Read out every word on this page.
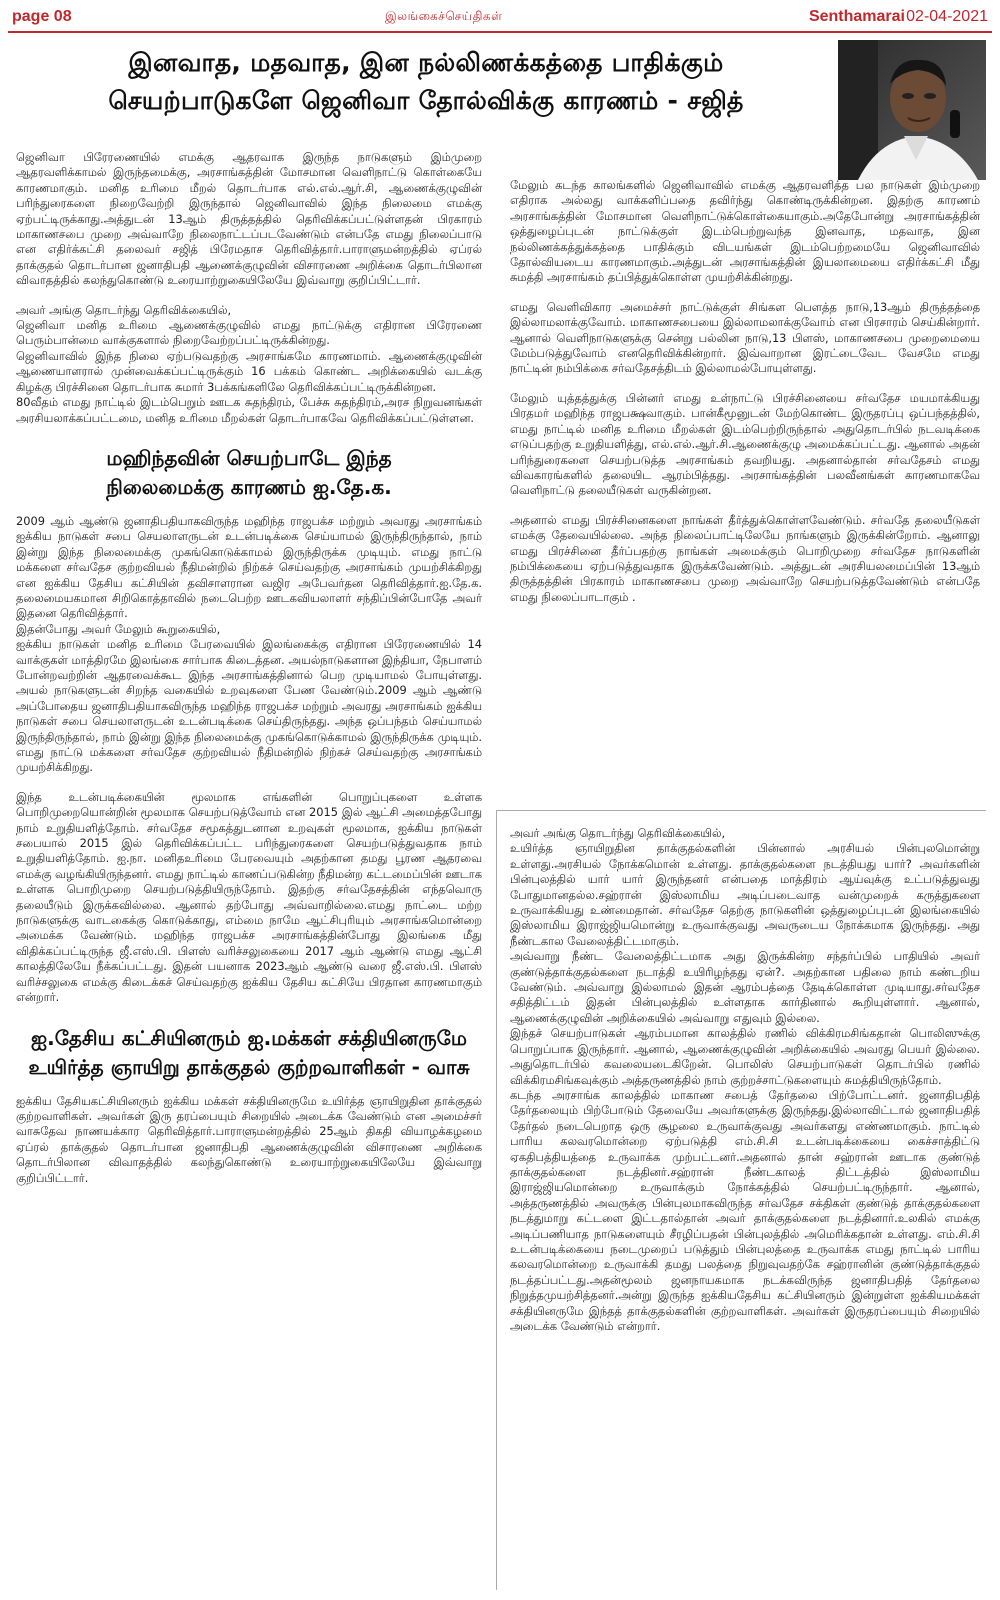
page 08	இலங்கைச்செய்திகள்	Senthamarai 02-04-2021
இனவாத, மதவாத, இன நல்லிணக்கத்தை பாதிக்கும்
செயற்பாடுகளே ஜெனிவா தோல்விக்கு காரணம் - சஜித்

ஜெனிவா பிரேரணையில் எமக்கு ஆதரவாக இருந்த நாடுகளும் இம்முறை ஆதரவளிக்காமல் இருந்தமைக்கு, அரசாங்கத்தின் மோசமான வெளிநாட்டு கொள்கையே காரணமாகும். மனித உரிமை மீறல் தொடர்பாக எல்.எல்.ஆர்.சி, ஆணைக்குழுவின் பரிந்துரைகளை நிறைவேற்றி இருந்தால் ஜெனிவாவில் இந்த நிலைமை எமக்கு ஏற்பட்டிருக்காது.அத்துடன் 13ஆம் திருத்தத்தில் தெரிவிக்கப்பட்டுள்ளதன் பிரகாரம் மாகாணசபை முறை அவ்வாறே நிலைநாட்டப்படவேண்டும் என்பதே எமது நிலைப்பாடு என எதிர்க்கட்சி தலைவர் சஜித் பிரேமதாச தெரிவித்தார்.பாராளுமன்றத்தில் ஏப்ரல் தாக்குதல் தொடர்பான ஜனாதிபதி ஆணைக்குழுவின் விசாரணை அறிக்கை தொடர்பிலான விவாதத்தில் கலந்துகொண்டு உரையாற்றுகையிலேயே இவ்வாறு குறிப்பிட்டார்.

அவர் அங்கு தொடர்ந்து தெரிவிக்கையில்,

ஜெனிவா மனித உரிமை ஆணைக்குழுவில் எமது நாட்டுக்கு எதிரான பிரேரணை பெரும்பான்மை வாக்குகளால் நிறைவேற்றப்பட்டிருக்கின்றது.

ஜெனிவாவில் இந்த நிலை ஏற்படுவதற்கு அரசாங்கமே காரணமாம். ஆணைக்குழுவின் ஆணையாளரால் முன்வைக்கப்பட்டிருக்கும் 16 பக்கம் கொண்ட அறிக்கையில் வடக்கு கிழக்கு பிரச்சினை தொடர்பாக சுமார் 3பக்கங்களிலே தெரிவிக்கப்பட்டிருக்கின்றன.

80வீதம் எமது நாட்டில் இடம்பெறும் ஊடக சுதந்திரம், பேச்சு சுதந்திரம்,அரச நிறுவனங்கள் அரசியலாக்கப்பட்டமை, மனித உரிமை மீறல்கள் தொடர்பாகவே தெரிவிக்கப்பட்டுள்ளன.

மஹிந்தவின் செயற்பாடே இந்த
நிலைமைக்கு காரணம் ஐ.தே.க.

2009 ஆம் ஆண்டு ஜனாதிபதியாகவிருந்த மஹிந்த ராஜபக்ச மற்றும் அவரது அரசாங்கம் ஐக்கிய நாடுகள் சபை செயலாளருடன் உடன்படிக்கை செய்யாமல் இருந்திருந்தால், நாம் இன்று இந்த நிலைமைக்கு முகங்கொடுக்காமல் இருந்திருக்க முடியும். எமது நாட்டு மக்களை சர்வதேச குற்றவியல் நீதிமன்றில் நிற்கச் செய்வதற்கு அரசாங்கம் முயற்சிக்கிறது என ஐக்கிய தேசிய கட்சியின் தவிசாளரான வஜிர அபேவர்தன தெரிவித்தார்.ஐ.தே.க. தலைமையகமான சிறிகொத்தாவில் நடைபெற்ற ஊடகவியலாளர் சந்திப்பின்போதே அவர் இதனை தெரிவித்தார்.

இதன்போது அவர் மேலும் கூறுகையில்,

ஐக்கிய நாடுகள் மனித உரிமை பேரவையில் இலங்கைக்கு எதிரான பிரேரணையில் 14 வாக்குகள் மாத்திரமே இலங்கை சார்பாக கிடைத்தன. அயல்நாடுகளான இந்தியா, நேபாளம் போன்றவற்றின் ஆதரவைக்கூட இந்த அரசாங்கத்தினால் பெற முடியாமல் போயுள்ளது. அயல் நாடுகளுடன் சிறந்த வகையில் உறவுகளை பேண வேண்டும்.2009 ஆம் ஆண்டு அப்போதைய ஜனாதிபதியாகவிருந்த மஹிந்த ராஜபக்ச மற்றும் அவரது அரசாங்கம் ஐக்கிய நாடுகள் சபை செயலாளருடன் உடன்படிக்கை செய்திருந்தது. அந்த ஒப்பந்தம் செய்யாமல் இருந்திருந்தால், நாம் இன்று இந்த நிலைமைக்கு முகங்கொடுக்காமல் இருந்திருக்க முடியும். எமது நாட்டு மக்களை சர்வதேச குற்றவியல் நீதிமன்றில் நிற்கச் செய்வதற்கு அரசாங்கம் முயற்சிக்கிறது.

இந்த உடன்படிக்கையின் மூலமாக எங்களின் பொறுப்புகளை உள்ளக பொறிமுறையொன்றின் மூலமாக செயற்படுத்வோம் என 2015 இல் ஆட்சி அமைத்தபோது நாம் உறுதியளித்தோம். சர்வதேச சமூகத்துடனான உறவுகள் மூலமாக, ஐக்கிய நாடுகள் சபையால் 2015 இல் தெரிவிக்கப்பட்ட பரிந்துரைகளை செயற்படுத்துவதாக நாம் உறுதியளித்தோம். ஐ.நா. மனிதஉரிமை பேரவையும் அதற்கான தமது பூரண ஆதரவை எமக்கு வழங்கியிருந்தனர். எமது நாட்டில் காணப்படுகின்ற நீதிமன்ற கட்டமைப்பின் ஊடாக உள்ளக பொறிமுறை செயற்படுத்தியிருந்தோம். இதற்கு சர்வதேசத்தின் எந்தவொரு தலையீடும் இருக்கவில்லை. ஆனால் தற்போது அவ்வாறில்லை.எமது நாட்டை மற்ற நாடுகளுக்கு வாடகைக்கு கொடுக்காது, எம்மை நாமே ஆட்சிபுரியும் அரசாங்கமொன்றை அமைக்க வேண்டும். மஹிந்த ராஜபக்ச அரசாங்கத்தின்போது இலங்கை மீது விதிக்கப்பட்டிருந்த ஜீ.எஸ்.பி. பிளஸ் வரிச்சலுகையை 2017 ஆம் ஆண்டு எமது ஆட்சி காலத்திலேயே நீக்கப்பட்டது. இதன் பயனாக 2023ஆம் ஆண்டு வரை ஜீ.எஸ்.பி. பிளஸ் வரிச்சலுகை எமக்கு கிடைக்கச் செய்வதற்கு ஐக்கிய தேசிய கட்சியே பிரதான காரணமாகும் என்றார்.

ஐ.தேசிய கட்சியினரும் ஐ.மக்கள் சக்தியினருமே
உயிர்த்த ஞாயிறு தாக்குதல் குற்றவாளிகள் - வாசு

ஐக்கிய தேசியகட்சியினரும் ஐக்கிய மக்கள் சக்தியினருமே உயிர்த்த ஞாயிறுதின தாக்குதல் குற்றவாளிகள். அவர்கள் இரு தரப்பையும் சிறையில் அடைக்க வேண்டும் என அமைச்சர் வாசுதேவ நாணயக்கார தெரிவித்தார்.பாராளுமன்றத்தில் 25ஆம் திகதி வியாழக்கழமை ஏப்ரல் தாக்குதல் தொடர்பான ஜனாதிபதி ஆணைக்குழுவின் விசாரணை அறிக்கை தொடர்பிலான விவாதத்தில் கலந்துகொண்டு உரையாற்றுகையிலேயே இவ்வாறு குறிப்பிட்டார்.

மேலும் கடந்த காலங்களில் ஜெனிவாவில் எமக்கு ஆதரவளித்த பல நாடுகள் இம்முறை எதிராக அல்லது வாக்களிப்பதை தவிர்ந்து கொண்டிருக்கின்றன. இதற்கு காரணம் அரசாங்கத்தின் மோசமான வெளிநாட்டுக்கொள்கையாகும்.அதேபோன்று அரசாங்கத்தின் ஒத்துழைப்புடன் நாட்டுக்குள் இடம்பெற்றுவந்த இனவாத, மதவாத, இன நல்லிணக்கத்துக்கத்தை பாதிக்கும் விடயங்கள் இடம்பெற்றமையே ஜெனிவாவில் தோல்வியடைய காரணமாகும்.அத்துடன் அரசாங்கத்தின் இயலாமையை எதிர்க்கட்சி மீது சுமத்தி அரசாங்கம் தப்பித்துக்கொள்ள முயற்சிக்கின்றது.

எமது வெளிவிகார அமைச்சர் நாட்டுக்குள் சிங்கள பௌத்த நாடு,13ஆம் திருத்தத்தை இல்லாமலாக்குவோம். மாகாணசபையை இல்லாமலாக்குவோம் என பிரசாரம் செய்கின்றார். ஆனால் வெளிநாடுகளுக்கு சென்று பல்லின நாடு,13 பிளஸ், மாகாணசபை முறைமையை மேம்படுத்துவோம் எனதெரிவிக்கின்றார். இவ்வாறான இரட்டைவேட வேசமே எமது நாட்டின் நம்பிக்கை சர்வதேசத்திடம் இல்லாமல்போயுள்ளது.

மேலும் யுத்தத்துக்கு பின்னர் எமது உள்நாட்டு பிரச்சினையை சர்வதேச மயமாக்கியது பிரதமர் மஹிந்த ராஜபக்ஷவாகும். பான்கீமூனுடன் மேற்கொண்ட இருதரப்பு ஒப்பந்தத்தில், எமது நாட்டில் மனித உரிமை மீறல்கள் இடம்பெற்றிருந்தால் அதுதொடர்பில் நடவடிக்கை எடுப்பதற்கு உறுதியளித்து, எல்.எல்.ஆர்.சி.ஆணைக்குழு அமைக்கப்பட்டது. ஆனால் அதன் பரிந்துரைகளை செயற்படுத்த அரசாங்கம் தவறியது. அதனால்தான் சர்வதேசம் எமது விவகாரங்களில் தலையிட ஆரம்பித்தது. அரசாங்கத்தின் பலவீனங்கள் காரணமாகவே வெளிநாட்டு தலையீடுகள் வருகின்றன.

அதனால் எமது பிரச்சினைகளை நாங்கள் தீர்த்துக்கொள்ளவேண்டும். சர்வதே தலையீடுகள் எமக்கு தேவையில்லை. அந்த நிலைப்பாட்டிலேயே நாங்களும் இருக்கின்றோம். ஆனாலு எமது பிரச்சினை தீர்ப்பதற்கு நாங்கள் அமைக்கும் பொறிமுறை சர்வதேச நாடுகளின் நம்பிக்கையை ஏற்படுத்துவதாக இருக்கவேண்டும். அத்துடன் அரசியலமைப்பின் 13ஆம் திருத்தத்தின் பிரகாரம் மாகாணசபை முறை அவ்வாறே செயற்படுத்தவேண்டும் என்பதே எமது நிலைப்பாடாகும் .

அவர் அங்கு தொடர்ந்து தெரிவிக்கையில்,

உயிர்த்த ஞாயிறுதின தாக்குதல்களின் பின்னால் அரசியல் பின்புலமொன்று உள்ளது.அரசியல் நோக்கமொன் உள்ளது. தாக்குதல்களை நடத்தியது யார்? அவர்களின் பின்புலத்தில் யார் யார் இருந்தனர் என்பதை மாத்திரம் ஆய்வுக்கு உட்படுத்துவது போதுமானதல்ல.சஹ்ரான் இஸ்லாமிய அடிப்படைவாத வன்முறைக் கருத்துகளை உருவாக்கியது உண்மைதான். சர்வதேச தெற்கு நாடுகளின் ஒத்துழைப்புடன் இலங்கையில் இஸ்லாமிய இராஜ்ஜியமொன்று உருவாக்குவது அவருடைய நோக்கமாக இருந்தது. அது நீண்டகால வேலைத்திட்டமாகும்.

அவ்வாறு நீண்ட வேலைத்திட்டமாக அது இருக்கின்ற சந்தர்ப்பில் பாதியில் அவர் குண்டுத்தாக்குதல்களை நடாத்தி உயிரிழந்தது ஏன்?. அதற்கான பதிலை நாம் கண்டறிய வேண்டும். அவ்வாறு இல்லாமல் இதன் ஆரம்பத்தை தேடிக்கொள்ள முடியாது.சர்வதேச சதித்திட்டம் இதன் பின்புலத்தில் உள்ளதாக கார்தினால் கூறியுள்ளார். ஆனால், ஆணைக்குழுவின் அறிக்கையில் அவ்வாறு எதுவும் இல்லை.

இந்தச் செயற்பாடுகள் ஆரம்பமான காலத்தில் ரணில் விக்கிரமசிங்கதான் பொலிஸுக்கு பொறுப்பாக இருந்தார். ஆனால், ஆணைக்குழுவின் அறிக்கையில் அவரது பெயர் இல்லை. அதுதொடர்பில் கவலையடைகிறேன். பொலிஸ் செயற்பாடுகள் தொடர்பில் ரணில் விக்கிரமசிங்கவுக்கும் அத்தருணத்தில் நாம் குற்றச்சாட்டுகளையும் சுமத்தியிருந்தோம்.

கடந்த அரசாங்க காலத்தில் மாகாண சபைத் தேர்தலை பிற்போட்டனர். ஜனாதிபதித் தேர்தலையும் பிற்போடும் தேவையே அவர்களுக்கு இருந்தது.இல்லாவிட்டால் ஜனாதிபதித் தேர்தல் நடைபெறாத ஒரு சூழலை உருவாக்குவது அவர்களது எண்ணமாகும். நாட்டில் பாரிய கலவரமொன்றை ஏற்படுத்தி எம்.சி.சி உடன்படிக்கையை கைச்சாத்திட்டு ஏகதிபத்தியத்தை உருவாக்க முற்பட்டனர்.அதனால் தான் சஹ்ரான் ஊடாக குண்டுத் தாக்குதல்களை நடத்தினர்.சஹ்ரான் நீண்டகாலத் திட்டத்தில் இஸ்லாமிய இராஜ்ஜியமொன்றை உருவாக்கும் நோக்கத்தில் செயற்பட்டிருந்தார். ஆனால், அத்தருணத்தில் அவருக்கு பின்புலமாகவிருந்த சர்வதேச சக்திகள் குண்டுத் தாக்குதல்களை நடத்துமாறு கட்டளை இட்டதால்தான் அவர் தாக்குதல்களை நடத்தினார்.உலகில் எமக்கு அடிப்பணியாத நாடுகளையும் சீரழிப்பதன் பின்புலத்தில் அமெரிக்கதான் உள்ளது. எம்.சி.சி உடன்படிக்கையை நடைமுறைப் படுத்தும் பின்புலத்தை உருவாக்க எமது நாட்டில் பாரிய கலவரமொன்றை உருவாக்கி தமது பலத்தை நிறுவுவதற்கே சஹ்ரானின் குண்டுத்தாக்குதல் நடத்தப்பட்டது.அதன்மூலம் ஜனநாயகமாக நடக்கவிருந்த ஜனாதிபதித் தேர்தலை நிறுத்தமுயற்சித்தனர்.அன்று இருந்த ஐக்கியதேசிய கட்சியினரும் இன்றுள்ள ஐக்கியமக்கள் சக்தியினருமே இந்தத் தாக்குதல்களின் குற்றவாளிகள். அவர்கள் இருதரப்பையும் சிறையில் அடைக்க வேண்டும் என்றார்.
